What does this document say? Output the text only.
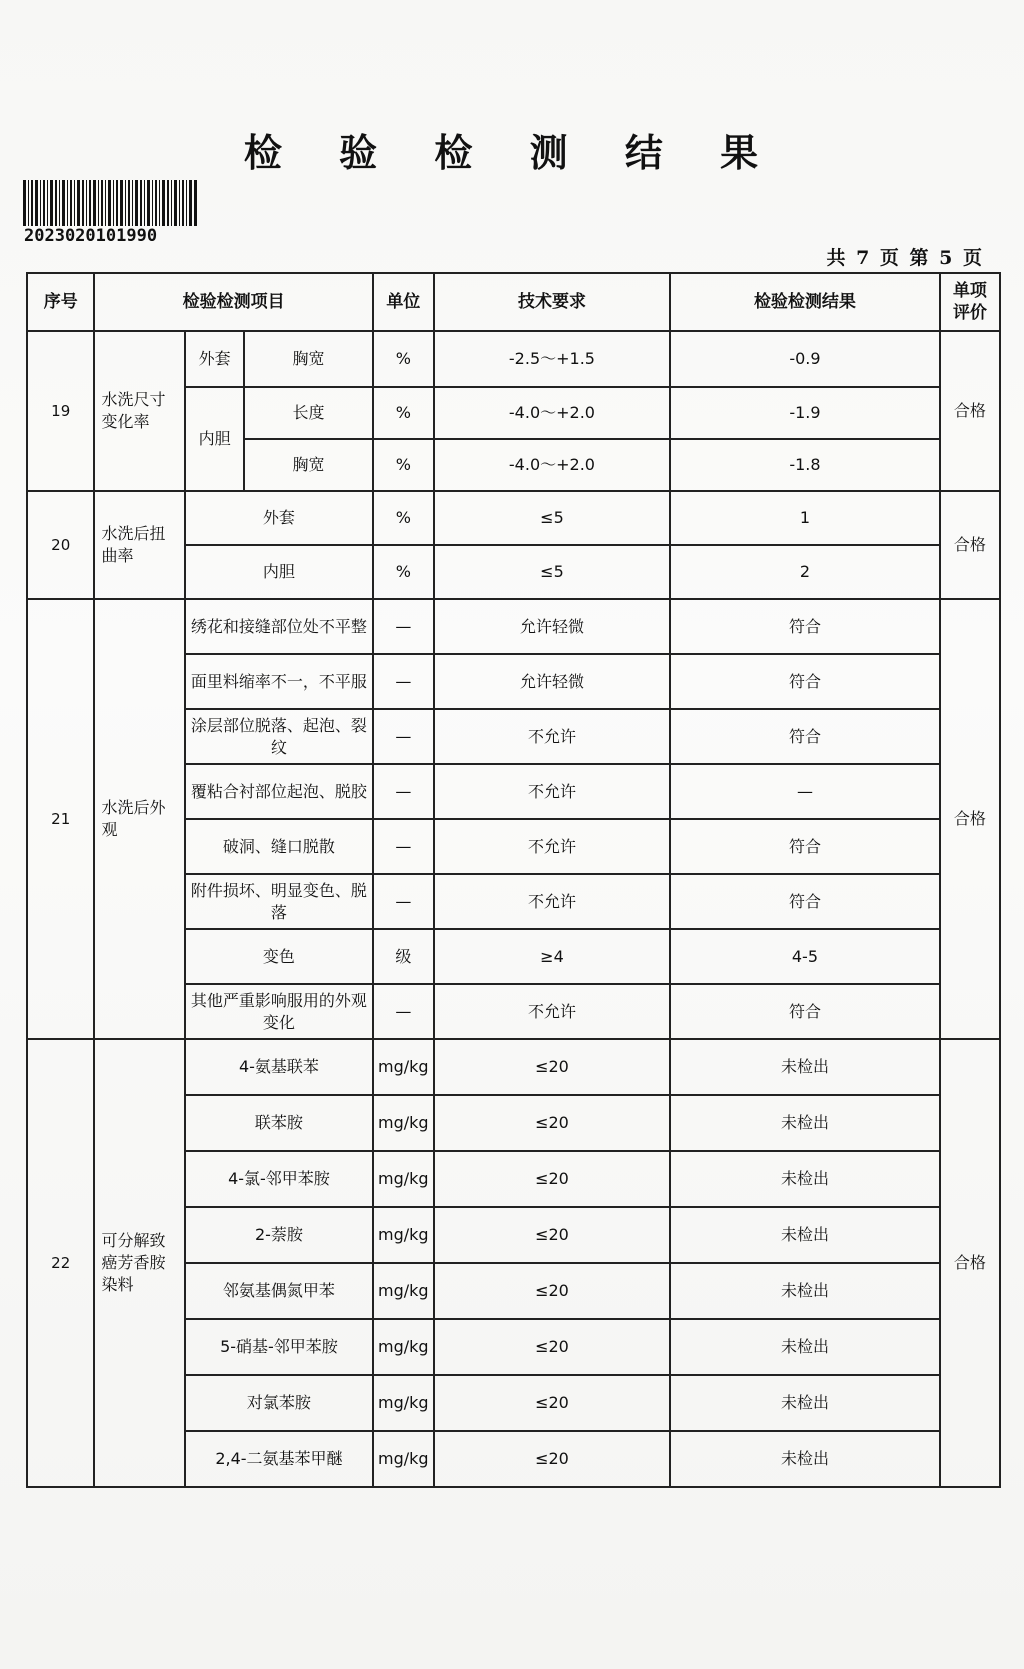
检 验 检 测 结 果
2023020101990
共 7 页 第 5 页
序号	检验检测项目			单位	技术要求	检验检测结果	单项评价
19	水洗尺寸变化率	外套	胸宽	%	-2.5～+1.5	-0.9	合格
		内胆	长度	%	-4.0～+2.0	-1.9	
			胸宽	%	-4.0～+2.0	-1.8	
20	水洗后扭曲率	外套		%	≤5	1	合格
		内胆		%	≤5	2	
21	水洗后外观	绣花和接缝部位处不平整		—	允许轻微	符合	合格
		面里料缩率不一，不平服		—	允许轻微	符合	
		涂层部位脱落、起泡、裂纹		—	不允许	符合	
		覆粘合衬部位起泡、脱胶		—	不允许	—	
		破洞、缝口脱散		—	不允许	符合	
		附件损坏、明显变色、脱落		—	不允许	符合	
		变色		级	≥4	4-5	
		其他严重影响服用的外观变化		—	不允许	符合	
22	可分解致癌芳香胺染料	4-氨基联苯		mg/kg	≤20	未检出	合格
		联苯胺		mg/kg	≤20	未检出	
		4-氯-邻甲苯胺		mg/kg	≤20	未检出	
		2-萘胺		mg/kg	≤20	未检出	
		邻氨基偶氮甲苯		mg/kg	≤20	未检出	
		5-硝基-邻甲苯胺		mg/kg	≤20	未检出	
		对氯苯胺		mg/kg	≤20	未检出	
		2,4-二氨基苯甲醚		mg/kg	≤20	未检出	
